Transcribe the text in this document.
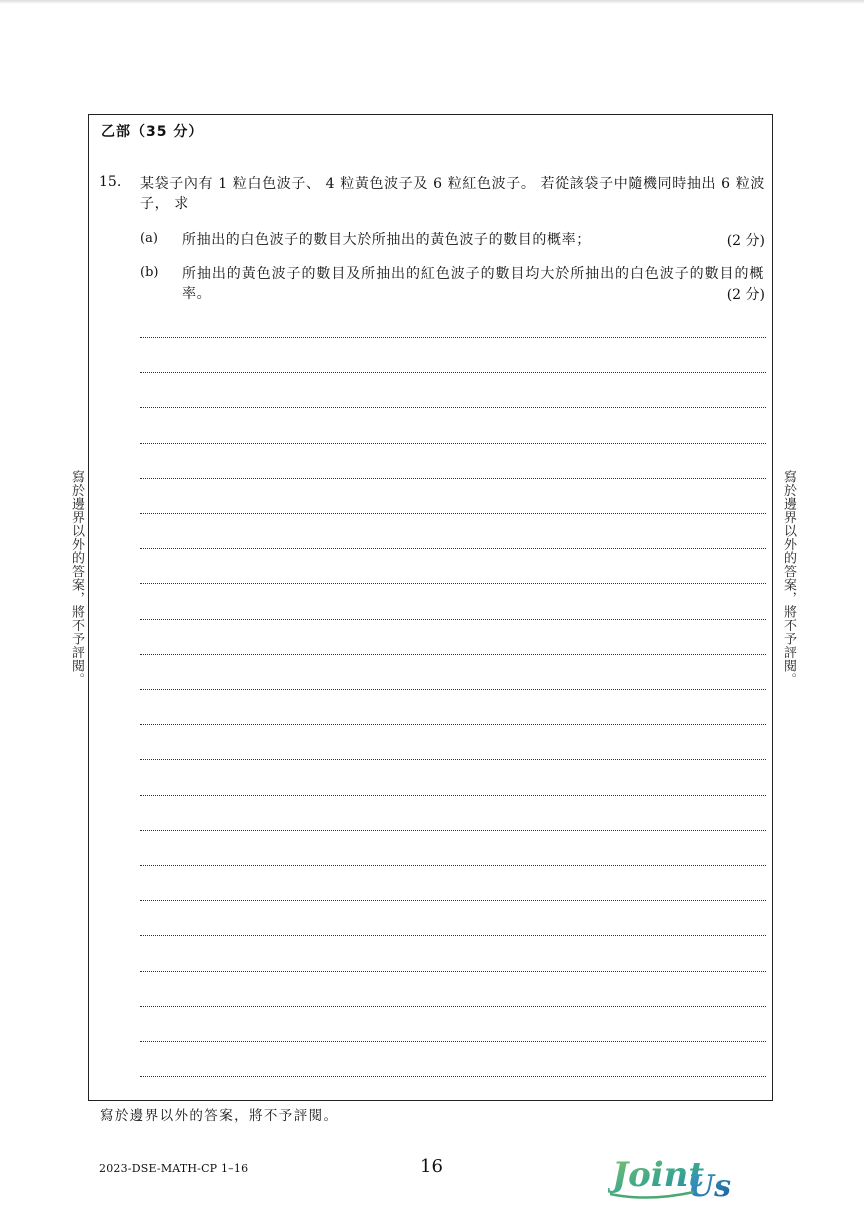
乙部（35 分）
15. 某袋子內有 1 粒白色波子、 4 粒黃色波子及 6 粒紅色波子。 若從該袋子中隨機同時抽出 6 粒波子， 求
(a) 所抽出的白色波子的數目大於所抽出的黃色波子的數目的概率；	(2 分)
(b) 所抽出的黃色波子的數目及所抽出的紅色波子的數目均大於所抽出的白色波子的數目的概率。	(2 分)
寫於邊界以外的答案，將不予評閱。	寫於邊界以外的答案，將不予評閱。
寫於邊界以外的答案，將不予評閱。
2023-DSE-MATH-CP 1–16	16	Joint
Us
